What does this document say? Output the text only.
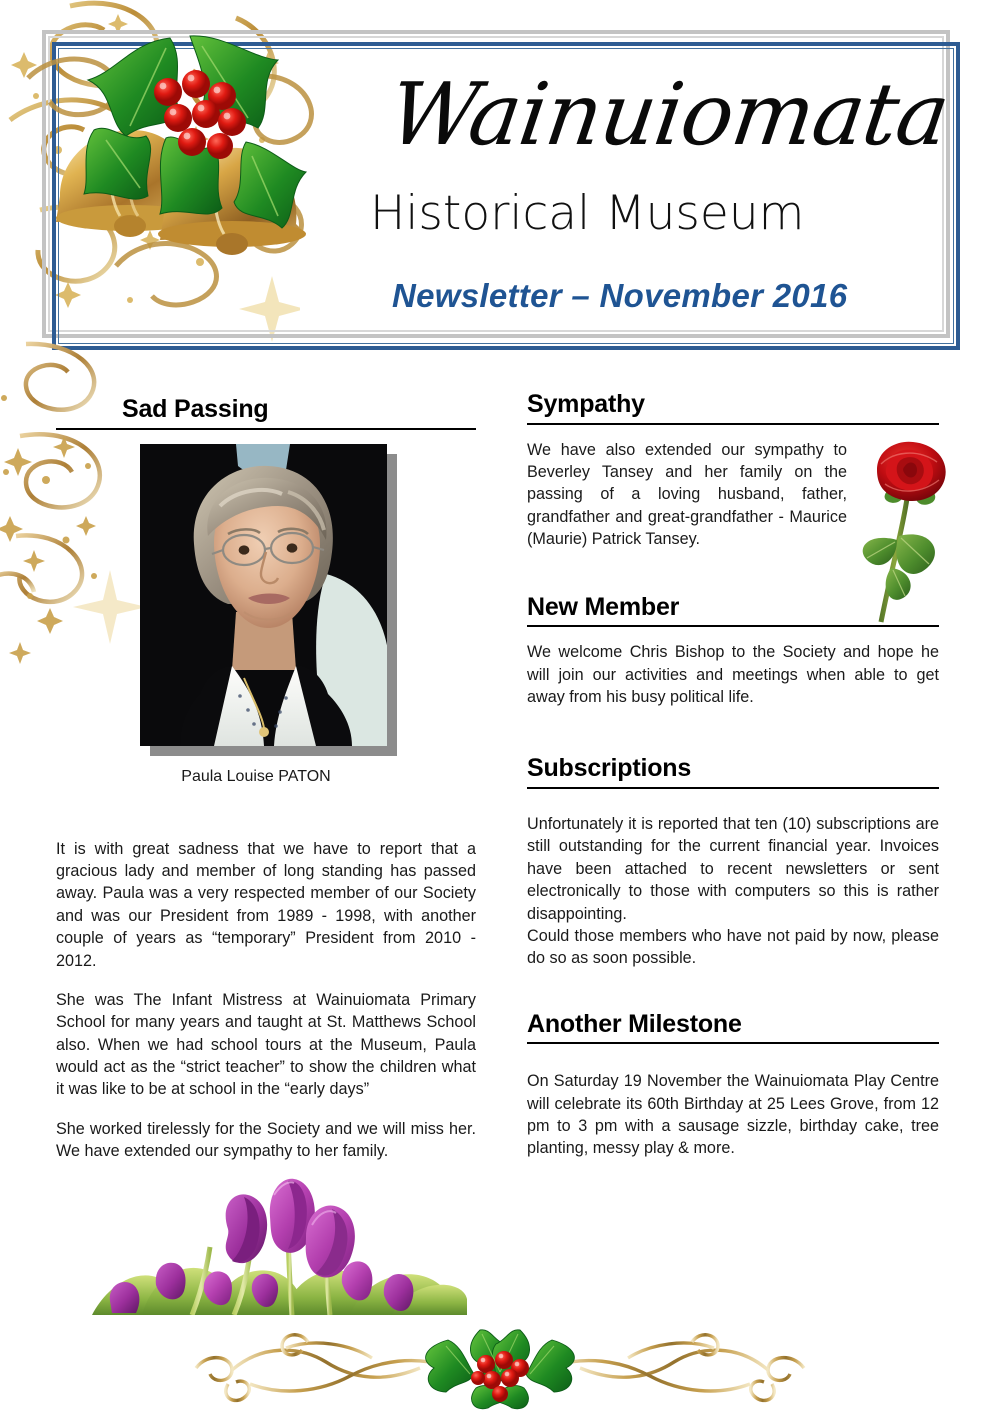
Wainuiomata
Historical Museum
Newsletter – November 2016
Sad Passing
Paula Louise PATON

It is with great sadness that we have to report that a gracious lady and member of long standing has passed away. Paula was a very respected member of our Society and was our President from 1989 - 1998, with another couple of years as “temporary” President from 2010 - 2012.

She was The Infant Mistress at Wainuiomata Primary School for many years and taught at St. Matthews School also. When we had school tours at the Museum, Paula would act as the “strict teacher” to show the children what it was like to be at school in the “early days”

She worked tirelessly for the Society and we will miss her. We have extended our sympathy to her family.

Sympathy

We have also extended our sympathy to Beverley Tansey and her family on the passing of a loving husband, father, grandfather and great-grandfather - Maurice (Maurie) Patrick Tansey.

New Member

We welcome Chris Bishop to the Society and hope he will join our activities and meetings when able to get away from his busy political life.

Subscriptions

Unfortunately it is reported that ten (10) subscriptions are still outstanding for the current financial year. Invoices have been attached to recent newsletters or sent electronically to those with computers so this is rather disappointing.

Could those members who have not paid by now, please do so as soon possible.

Another Milestone

On Saturday 19 November the Wainuiomata Play Centre will celebrate its 60th Birthday at 25 Lees Grove, from 12 pm to 3 pm with a sausage sizzle, birthday cake, tree planting, messy play & more.
